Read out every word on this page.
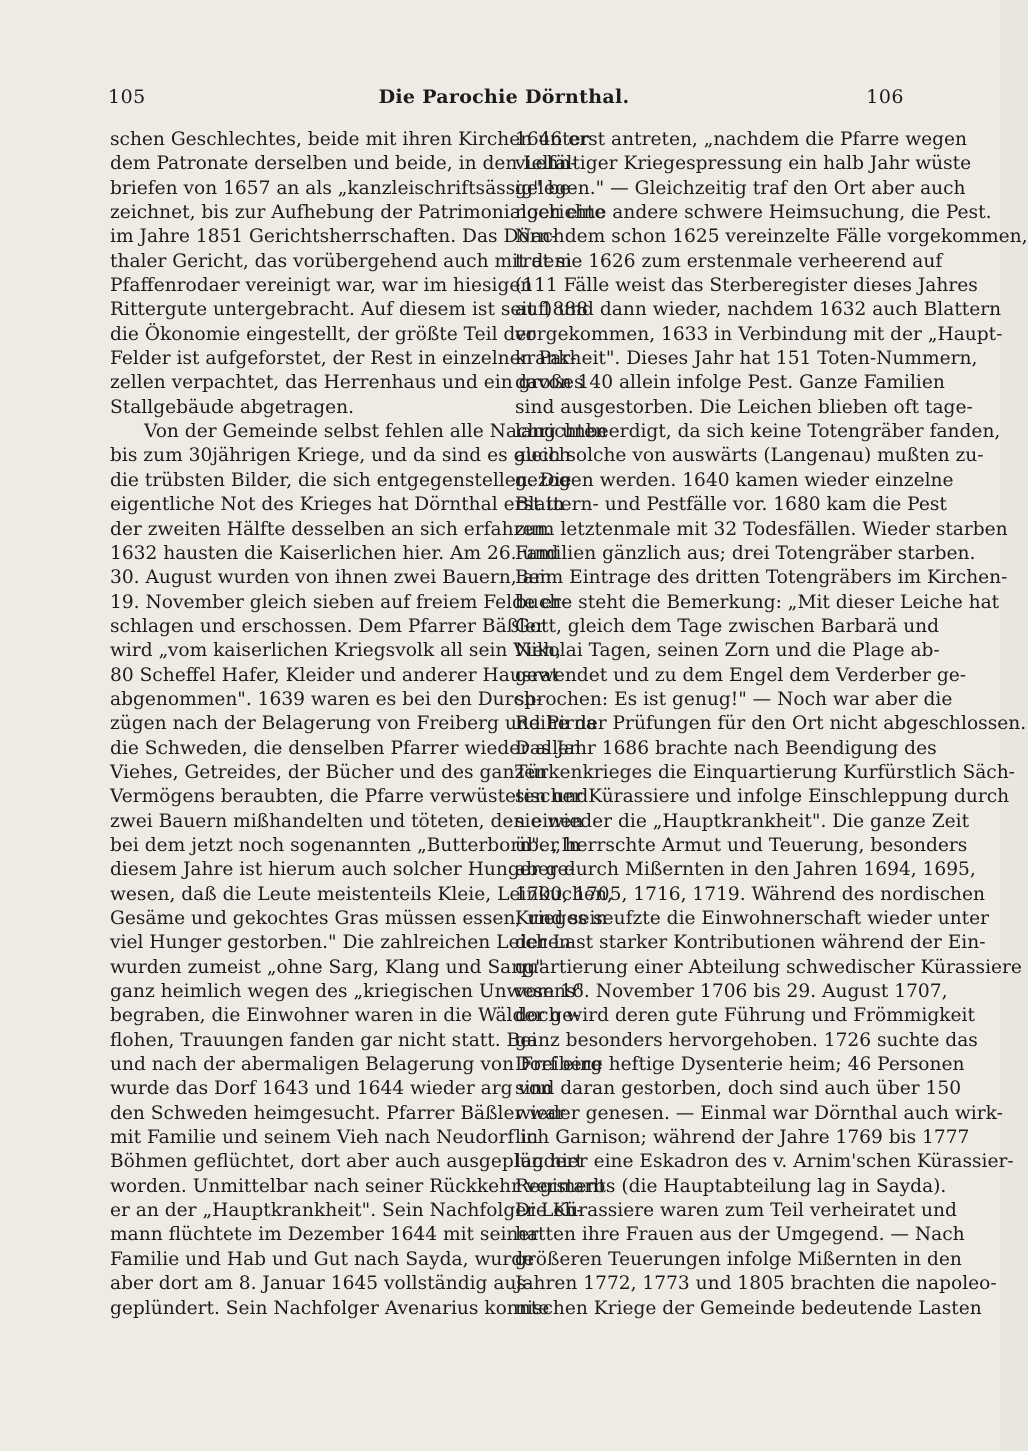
105	Die Parochie Dörnthal.	106
schen Geschlechtes, beide mit ihren Kirchen unter
dem Patronate derselben und beide, in den Lehn-
briefen von 1657 an als „kanzleischriftsässig" be-
zeichnet, bis zur Aufhebung der Patrimonialgerichte
im Jahre 1851 Gerichtsherrschaften. Das Dörn-
thaler Gericht, das vorübergehend auch mit dem
Pfaffenrodaer vereinigt war, war im hiesigen
Rittergute untergebracht. Auf diesem ist seit 1888
die Ökonomie eingestellt, der größte Teil der
Felder ist aufgeforstet, der Rest in einzelnen Par-
zellen verpachtet, das Herrenhaus und ein großes
Stallgebäude abgetragen.
Von der Gemeinde selbst fehlen alle Nachrichten
bis zum 30jährigen Kriege, und da sind es gleich
die trübsten Bilder, die sich entgegenstellen. Die
eigentliche Not des Krieges hat Dörnthal erst in
der zweiten Hälfte desselben an sich erfahren.
1632 hausten die Kaiserlichen hier. Am 26. und
30. August wurden von ihnen zwei Bauern, am
19. November gleich sieben auf freiem Felde er-
schlagen und erschossen. Dem Pfarrer Bäßler
wird „vom kaiserlichen Kriegsvolk all sein Vieh,
80 Scheffel Hafer, Kleider und anderer Hausrat
abgenommen". 1639 waren es bei den Durch-
zügen nach der Belagerung von Freiberg und Pirna
die Schweden, die denselben Pfarrer wieder allen
Viehes, Getreides, der Bücher und des ganzen
Vermögens beraubten, die Pfarre verwüsteten und
zwei Bauern mißhandelten und töteten, den einen
bei dem jetzt noch sogenannten „Butterborn". „In
diesem Jahre ist hierum auch solcher Hunger ge-
wesen, daß die Leute meistenteils Kleie, Leinkuchen,
Gesäme und gekochtes Gras müssen essen, und sein
viel Hunger gestorben." Die zahlreichen Leichen
wurden zumeist „ohne Sarg, Klang und Sang"
ganz heimlich wegen des „kriegischen Unwesens"
begraben, die Einwohner waren in die Wälder ge-
flohen, Trauungen fanden gar nicht statt. Bei
und nach der abermaligen Belagerung von Freiberg
wurde das Dorf 1643 und 1644 wieder arg von
den Schweden heimgesucht. Pfarrer Bäßler war
mit Familie und seinem Vieh nach Neudorf in
Böhmen geflüchtet, dort aber auch ausgeplündert
worden. Unmittelbar nach seiner Rückkehr verstarb
er an der „Hauptkrankheit". Sein Nachfolger Leh-
mann flüchtete im Dezember 1644 mit seiner
Familie und Hab und Gut nach Sayda, wurde
aber dort am 8. Januar 1645 vollständig aus-
geplündert. Sein Nachfolger Avenarius konnte
1646 erst antreten, „nachdem die Pfarre wegen
vielfältiger Kriegespressung ein halb Jahr wüste
gelegen." — Gleichzeitig traf den Ort aber auch
noch eine andere schwere Heimsuchung, die Pest.
Nachdem schon 1625 vereinzelte Fälle vorgekommen,
trat sie 1626 zum erstenmale verheerend auf
(111 Fälle weist das Sterberegister dieses Jahres
auf) und dann wieder, nachdem 1632 auch Blattern
vorgekommen, 1633 in Verbindung mit der „Haupt-
krankheit". Dieses Jahr hat 151 Toten-Nummern,
davon 140 allein infolge Pest. Ganze Familien
sind ausgestorben. Die Leichen blieben oft tage-
lang unbeerdigt, da sich keine Totengräber fanden,
auch solche von auswärts (Langenau) mußten zu-
gezogen werden. 1640 kamen wieder einzelne
Blattern- und Pestfälle vor. 1680 kam die Pest
zum letztenmale mit 32 Todesfällen. Wieder starben
Familien gänzlich aus; drei Totengräber starben.
Beim Eintrage des dritten Totengräbers im Kirchen-
buche steht die Bemerkung: „Mit dieser Leiche hat
Gott, gleich dem Tage zwischen Barbarä und
Nikolai Tagen, seinen Zorn und die Plage ab-
gewendet und zu dem Engel dem Verderber ge-
sprochen: Es ist genug!" — Noch war aber die
Reihe der Prüfungen für den Ort nicht abgeschlossen.
Das Jahr 1686 brachte nach Beendigung des
Türkenkrieges die Einquartierung Kurfürstlich Säch-
sischer Kürassiere und infolge Einschleppung durch
sie wieder die „Hauptkrankheit". Die ganze Zeit
über herrschte Armut und Teuerung, besonders
aber durch Mißernten in den Jahren 1694, 1695,
1700, 1705, 1716, 1719. Während des nordischen
Krieges seufzte die Einwohnerschaft wieder unter
der Last starker Kontributionen während der Ein-
quartierung einer Abteilung schwedischer Kürassiere
vom 16. November 1706 bis 29. August 1707,
doch wird deren gute Führung und Frömmigkeit
ganz besonders hervorgehoben. 1726 suchte das
Dorf eine heftige Dysenterie heim; 46 Personen
sind daran gestorben, doch sind auch über 150
wieder genesen. — Einmal war Dörnthal auch wirk-
lich Garnison; während der Jahre 1769 bis 1777
lag hier eine Eskadron des v. Arnim'schen Kürassier-
Regiments (die Hauptabteilung lag in Sayda).
Die Kürassiere waren zum Teil verheiratet und
hatten ihre Frauen aus der Umgegend. — Nach
größeren Teuerungen infolge Mißernten in den
Jahren 1772, 1773 und 1805 brachten die napoleo-
nischen Kriege der Gemeinde bedeutende Lasten
